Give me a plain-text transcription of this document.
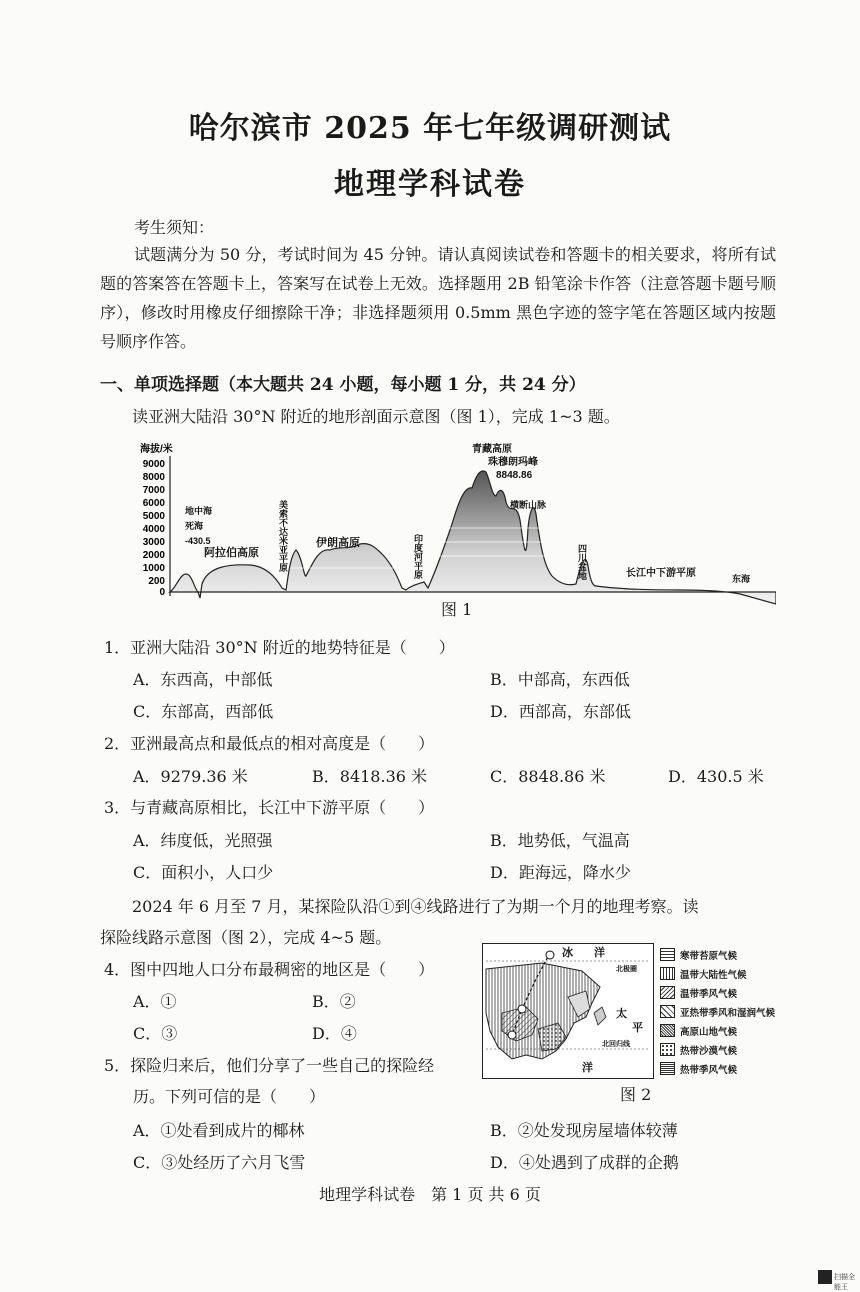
哈尔滨市 2025 年七年级调研测试
地理学科试卷
考生须知：
试题满分为 50 分，考试时间为 45 分钟。请认真阅读试卷和答题卡的相关要求，将所有试题的答案答在答题卡上，答案写在试卷上无效。选择题用 2B 铅笔涂卡作答（注意答题卡题号顺序），修改时用橡皮仔细擦除干净；非选择题须用 0.5mm 黑色字迹的签字笔在答题区域内按题号顺序作答。
一、单项选择题（本大题共 24 小题，每小题 1 分，共 24 分）
读亚洲大陆沿 30°N 附近的地形剖面示意图（图 1），完成 1~3 题。
海拔/米
9000
8000
7000
6000
5000
4000
3000
2000
1000
200
0
青藏高原
珠穆朗玛峰
8848.86
横断山脉
地中海
死海
-430.5
阿拉伯高原
伊朗高原
长江中下游平原	东海
美索不达米亚平原	印度河平原	四川盆地
图 1
1．亚洲大陆沿 30°N 附近的地势特征是（　　）
A．东西高，中部低	B．中部高，东西低
C．东部高，西部低	D．西部高，东部低
2．亚洲最高点和最低点的相对高度是（　　）
A．9279.36 米	B．8418.36 米	C．8848.86 米	D．430.5 米
3．与青藏高原相比，长江中下游平原（　　）
A．纬度低，光照强	B．地势低，气温高
C．面积小，人口少	D．距海远，降水少
2024 年 6 月至 7 月，某探险队沿①到④线路进行了为期一个月的地理考察。读
探险线路示意图（图 2），完成 4~5 题。
4．图中四地人口分布最稠密的地区是（　　）
A．①	B．②
C．③	D．④
5．探险归来后，他们分享了一些自己的探险经
历。下列可信的是（　　）
A．①处看到成片的椰林	B．②处发现房屋墙体较薄
C．③处经历了六月飞雪	D．④处遇到了成群的企鹅
冰 洋
北极圈
太
平
北回归线
洋
图 2
寒带苔原气候
温带大陆性气候
温带季风气候
亚热带季风和湿润气候
高原山地气候
热带沙漠气候
热带季风气候
地理学科试卷　第 1 页 共 6 页
扫描全能王
